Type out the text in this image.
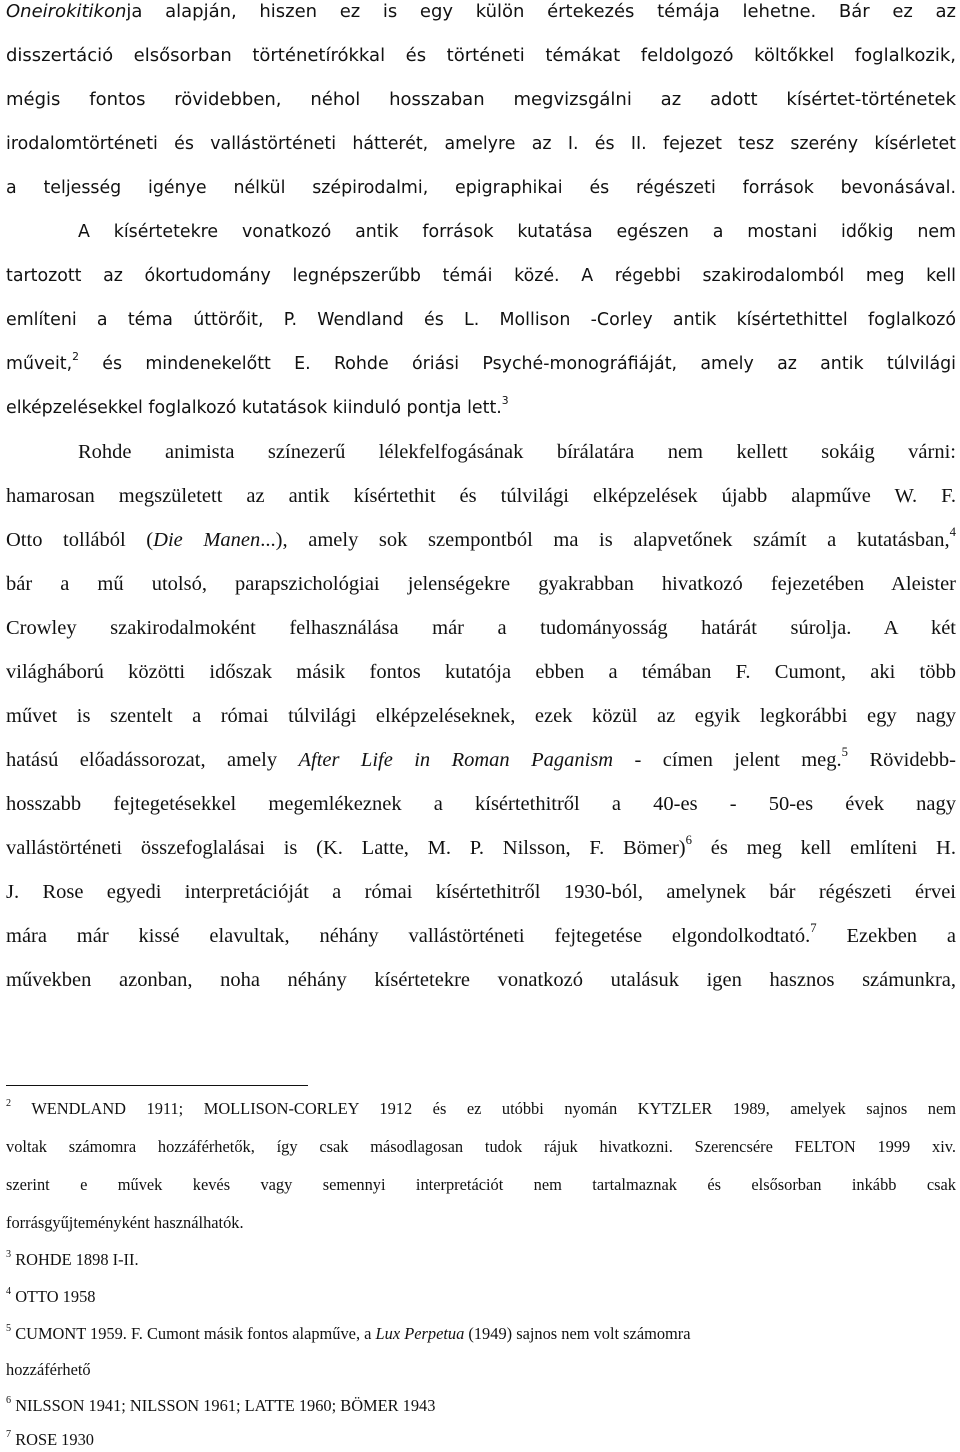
Oneirokitikonja alapján, hiszen ez is egy külön értekezés témája lehetne. Bár ez az
disszertáció elsősorban történetírókkal és történeti témákat feldolgozó költőkkel foglalkozik,
mégis fontos rövidebben, néhol hosszaban megvizsgálni az adott kísértet-történetek
irodalomtörténeti és vallástörténeti hátterét, amelyre az I. és II. fejezet tesz szerény kísérletet
a teljesség igénye nélkül szépirodalmi, epigraphikai és régészeti források bevonásával.
A kísértetekre vonatkozó antik források kutatása egészen a mostani időkig nem
tartozott az ókortudomány legnépszerűbb témái közé. A régebbi szakirodalomból meg kell
említeni a téma úttörőit, P. Wendland és L. Mollison -Corley antik kísértethittel foglalkozó
műveit,$^2$ és mindenekelőtt E. Rohde óriási Psyché-monográfiáját, amely az antik túlvilági
elképzelésekkel foglalkozó kutatások kiinduló pontja lett.$^3$
Rohde animista színezerű lélekfelfogásának bírálatára nem kellett sokáig várni:
hamarosan megszületett az antik kísértethit és túlvilági elképzelések újabb alapműve W. F.
Otto tollából (Die Manen...), amely sok szempontból ma is alapvetőnek számít a kutatásban,$^4$
bár a mű utolsó, parapszichológiai jelenségekre gyakrabban hivatkozó fejezetében Aleister
Crowley szakirodalmoként felhasználása már a tudományosság határát súrolja. A két
világháború közötti időszak másik fontos kutatója ebben a témában F. Cumont, aki több
művet is szentelt a római túlvilági elképzeléseknek, ezek közül az egyik legkorábbi egy nagy
hatású előadássorozat, amely After Life in Roman Paganism - címen jelent meg.$^5$ Rövidebb-
hosszabb fejtegetésekkel megemlékeznek a kísértethitről a 40-es - 50-es évek nagy
vallástörténeti összefoglalásai is (K. Latte, M. P. Nilsson, F. Bömer)$^6$ és meg kell említeni H.
J. Rose egyedi interpretációját a római kísértethitről 1930-ból, amelynek bár régészeti érvei
mára már kissé elavultak, néhány vallástörténeti fejtegetése elgondolkodtató.$^7$ Ezekben a
művekben azonban, noha néhány kísértetekre vonatkozó utalásuk igen hasznos számunkra,
$^2$ WENDLAND 1911; MOLLISON-CORLEY 1912 és ez utóbbi nyomán KYTZLER 1989, amelyek sajnos nem
voltak számomra hozzáférhetők, így csak másodlagosan tudok rájuk hivatkozni. Szerencsére FELTON 1999 xiv.
szerint e művek kevés vagy semennyi interpretációt nem tartalmaznak és elsősorban inkább csak
forrásgyűjteményként használhatók.
$^3$ ROHDE 1898 I-II.
$^4$ OTTO 1958
$^5$ CUMONT 1959. F. Cumont másik fontos alapműve, a Lux Perpetua (1949) sajnos nem volt számomra
hozzáférhető
$^6$ NILSSON 1941; NILSSON 1961; LATTE 1960; BÖMER 1943
$^7$ ROSE 1930
